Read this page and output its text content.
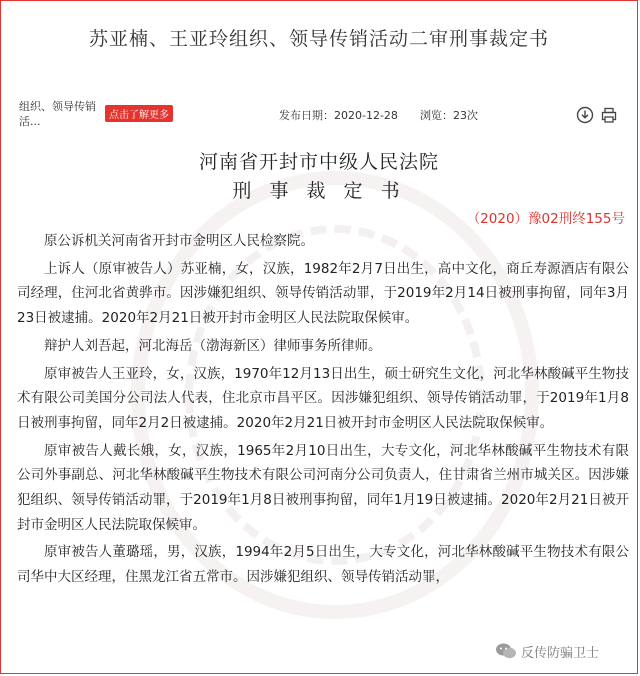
苏亚楠、王亚玲组织、领导传销活动二审刑事裁定书
组织、领导传销活...	点击了解更多	发布日期：2020-12-28 浏览：23次
河南省开封市中级人民法院
刑 事 裁 定 书
（2020）豫02刑终155号

原公诉机关河南省开封市金明区人民检察院。

上诉人（原审被告人）苏亚楠，女，汉族，1982年2月7日出生，高中文化，商丘寿源酒店有限公司经理，住河北省黄骅市。因涉嫌犯组织、领导传销活动罪，于2019年2月14日被刑事拘留，同年3月23日被逮捕。2020年2月21日被开封市金明区人民法院取保候审。

辩护人刘吾起，河北海岳（渤海新区）律师事务所律师。

原审被告人王亚玲，女，汉族，1970年12月13日出生，硕士研究生文化，河北华林酸碱平生物技术有限公司美国分公司法人代表，住北京市昌平区。因涉嫌犯组织、领导传销活动罪，于2019年1月8日被刑事拘留，同年2月2日被逮捕。2020年2月21日被开封市金明区人民法院取保候审。

原审被告人戴长娥，女，汉族，1965年2月10日出生，大专文化，河北华林酸碱平生物技术有限公司外事副总、河北华林酸碱平生物技术有限公司河南分公司负责人，住甘肃省兰州市城关区。因涉嫌犯组织、领导传销活动罪，于2019年1月8日被刑事拘留，同年1月19日被逮捕。2020年2月21日被开封市金明区人民法院取保候审。

原审被告人董璐瑶，男，汉族，1994年2月5日出生，大专文化，河北华林酸碱平生物技术有限公司华中大区经理，住黑龙江省五常市。因涉嫌犯组织、领导传销活动罪，

反传防骗卫士
